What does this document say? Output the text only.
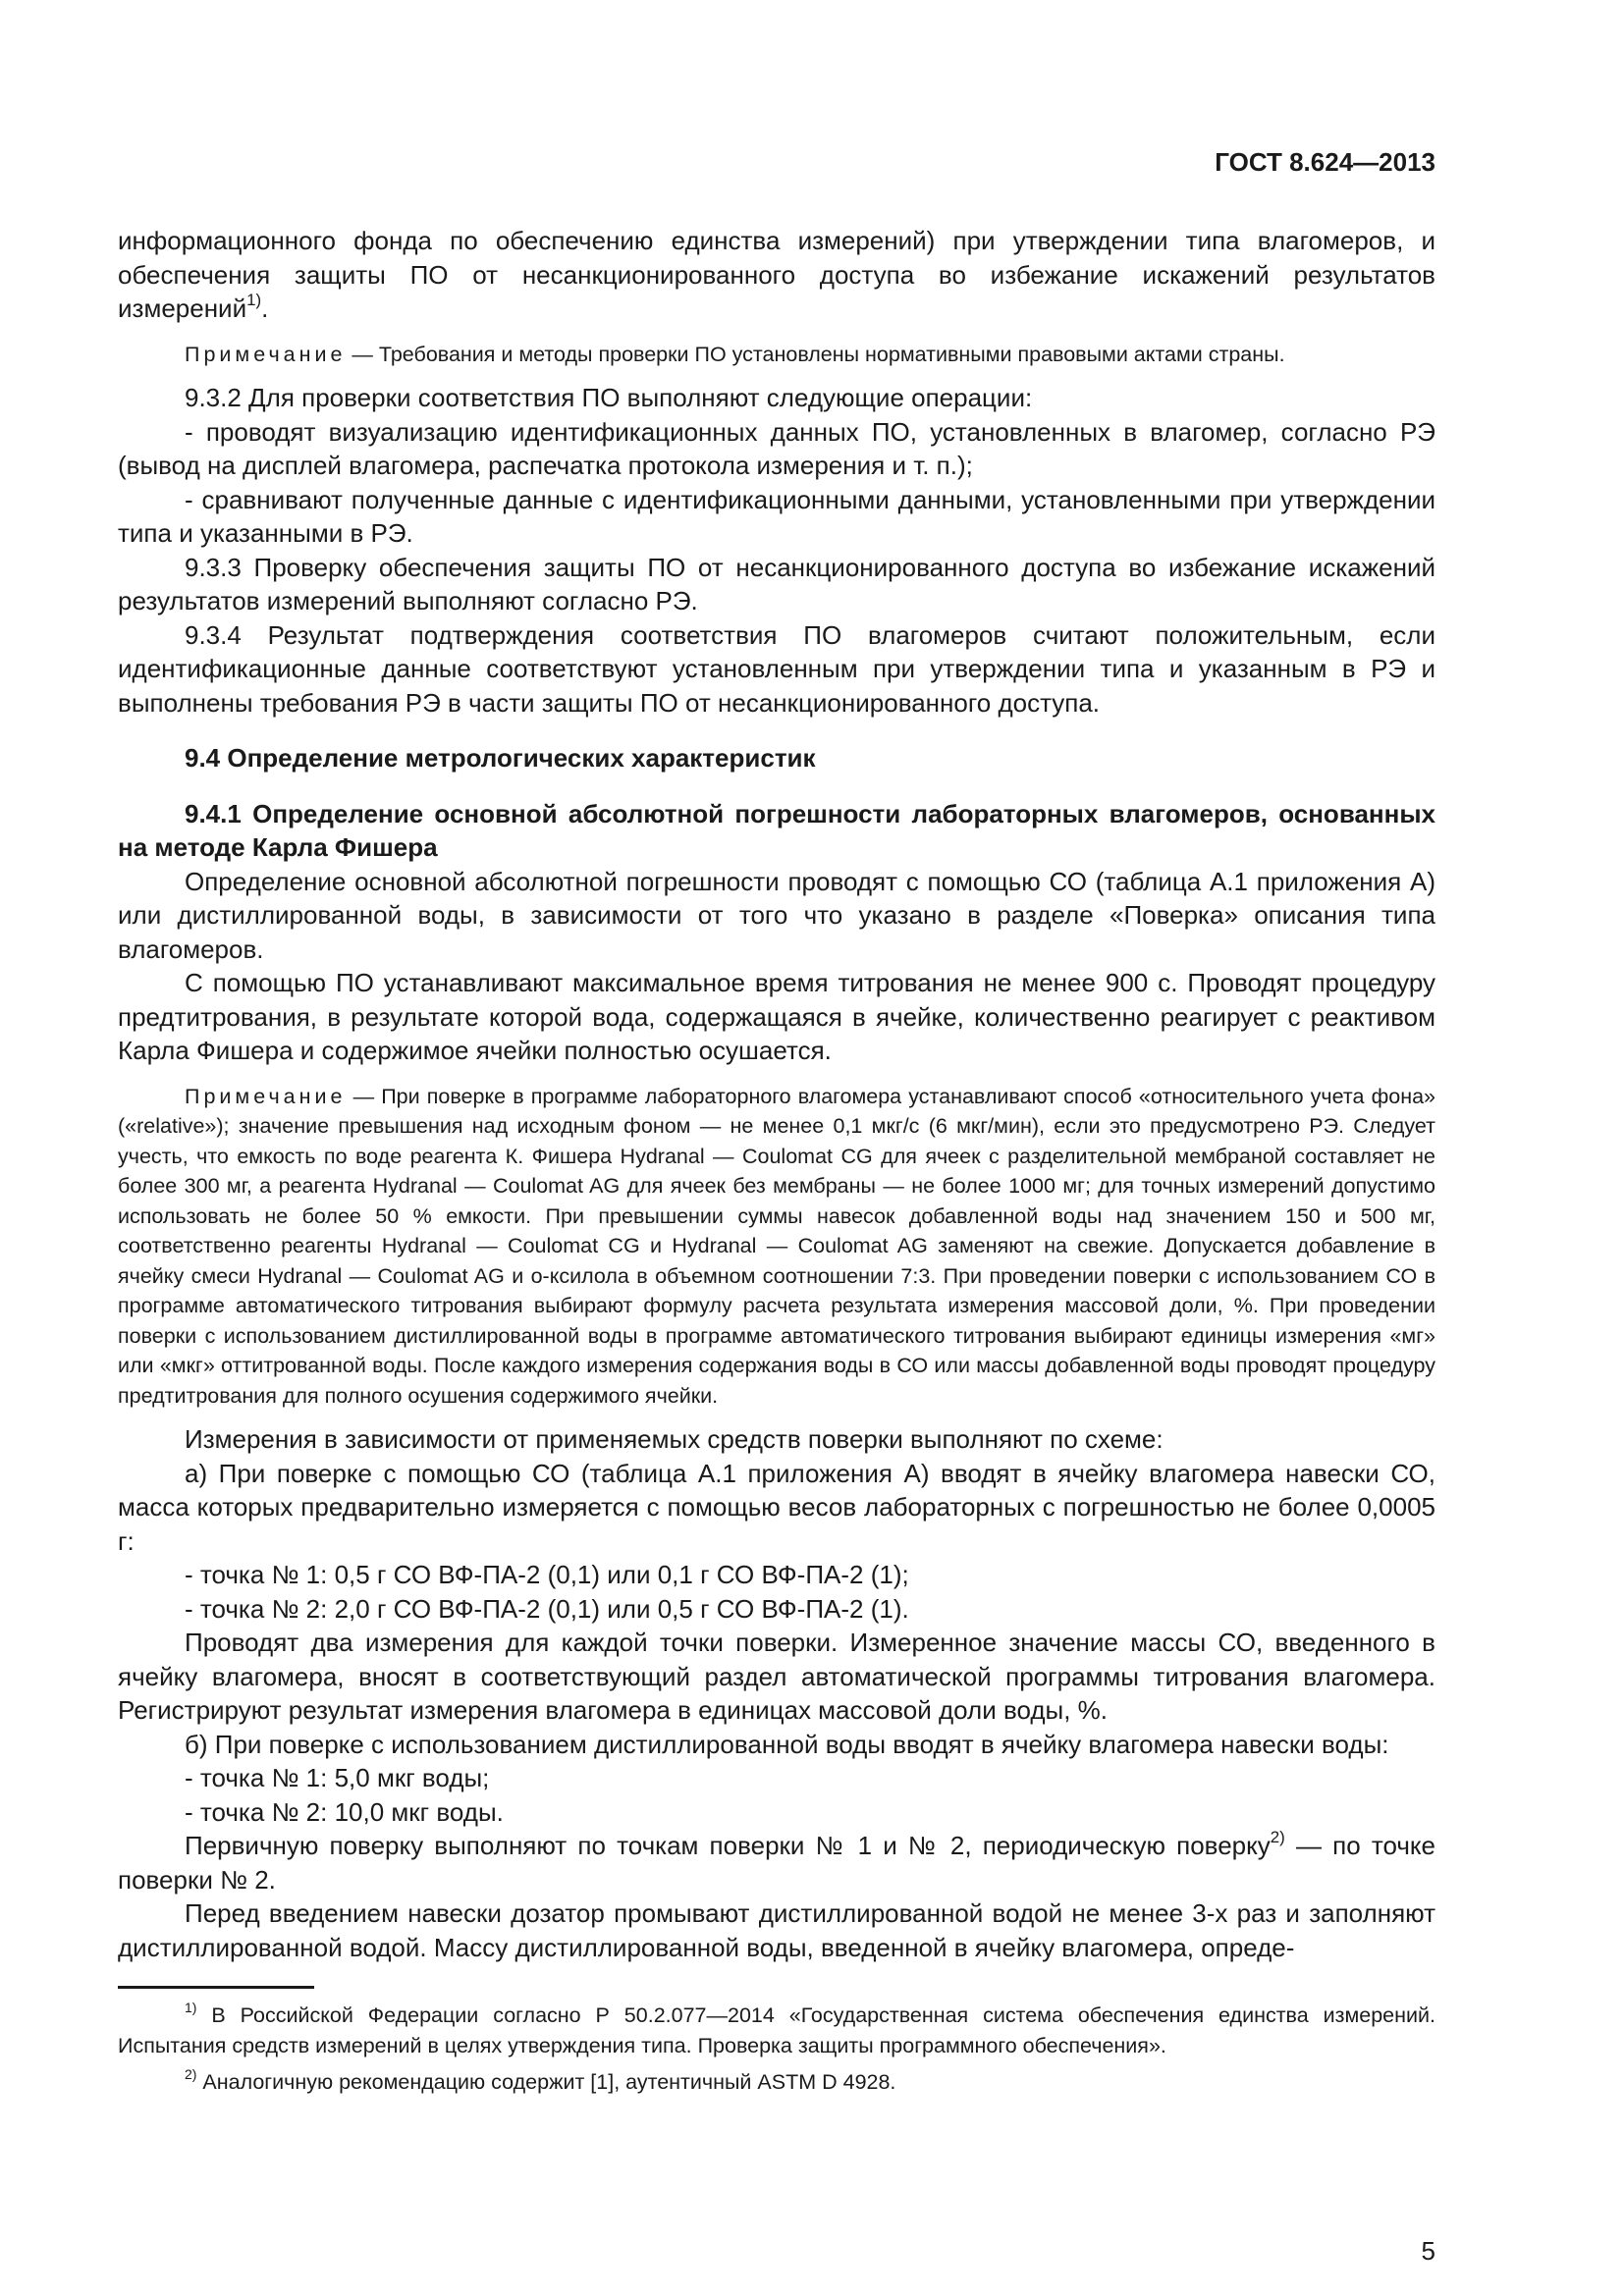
ГОСТ 8.624—2013

информационного фонда по обеспечению единства измерений) при утверждении типа влагомеров, и обеспечения защиты ПО от несанкционированного доступа во избежание искажений результатов измерений$^{1)}$.

Примечание — Требования и методы проверки ПО установлены нормативными правовыми актами страны.

9.3.2 Для проверки соответствия ПО выполняют следующие операции:

- проводят визуализацию идентификационных данных ПО, установленных в влагомер, согласно РЭ (вывод на дисплей влагомера, распечатка протокола измерения и т. п.);

- сравнивают полученные данные с идентификационными данными, установленными при утверждении типа и указанными в РЭ.

9.3.3 Проверку обеспечения защиты ПО от несанкционированного доступа во избежание искажений результатов измерений выполняют согласно РЭ.

9.3.4 Результат подтверждения соответствия ПО влагомеров считают положительным, если идентификационные данные соответствуют установленным при утверждении типа и указанным в РЭ и выполнены требования РЭ в части защиты ПО от несанкционированного доступа.

9.4 Определение метрологических характеристик

9.4.1 Определение основной абсолютной погрешности лабораторных влагомеров, основанных на методе Карла Фишера

Определение основной абсолютной погрешности проводят с помощью СО (таблица А.1 приложения А) или дистиллированной воды, в зависимости от того что указано в разделе «Поверка» описания типа влагомеров.

С помощью ПО устанавливают максимальное время титрования не менее 900 с. Проводят процедуру предтитрования, в результате которой вода, содержащаяся в ячейке, количественно реагирует с реактивом Карла Фишера и содержимое ячейки полностью осушается.

Примечание — При поверке в программе лабораторного влагомера устанавливают способ «относительного учета фона» («relative»); значение превышения над исходным фоном — не менее 0,1 мкг/с (6 мкг/мин), если это предусмотрено РЭ. Следует учесть, что емкость по воде реагента К. Фишера Hydranal — Coulomat CG для ячеек с разделительной мембраной составляет не более 300 мг, а реагента Hydranal — Coulomat AG для ячеек без мембраны — не более 1000 мг; для точных измерений допустимо использовать не более 50 % емкости. При превышении суммы навесок добавленной воды над значением 150 и 500 мг, соответственно реагенты Hydranal — Coulomat CG и Hydranal — Coulomat AG заменяют на свежие. Допускается добавление в ячейку смеси Hydranal — Coulomat AG и о-ксилола в объемном соотношении 7:3. При проведении поверки с использованием СО в программе автоматического титрования выбирают формулу расчета результата измерения массовой доли, %. При проведении поверки с использованием дистиллированной воды в программе автоматического титрования выбирают единицы измерения «мг» или «мкг» оттитрованной воды. После каждого измерения содержания воды в СО или массы добавленной воды проводят процедуру предтитрования для полного осушения содержимого ячейки.

Измерения в зависимости от применяемых средств поверки выполняют по схеме:

а) При поверке с помощью СО (таблица А.1 приложения А) вводят в ячейку влагомера навески СО, масса которых предварительно измеряется с помощью весов лабораторных с погрешностью не более 0,0005 г:

- точка № 1: 0,5 г СО ВФ-ПА-2 (0,1) или 0,1 г СО ВФ-ПА-2 (1);

- точка № 2: 2,0 г СО ВФ-ПА-2 (0,1) или 0,5 г СО ВФ-ПА-2 (1).

Проводят два измерения для каждой точки поверки. Измеренное значение массы СО, введенного в ячейку влагомера, вносят в соответствующий раздел автоматической программы титрования влагомера. Регистрируют результат измерения влагомера в единицах массовой доли воды, %.

б) При поверке с использованием дистиллированной воды вводят в ячейку влагомера навески воды:

- точка № 1: 5,0 мкг воды;

- точка № 2: 10,0 мкг воды.

Первичную поверку выполняют по точкам поверки № 1 и № 2, периодическую поверку$^{2)}$ — по точке поверки № 2.

Перед введением навески дозатор промывают дистиллированной водой не менее 3-х раз и заполняют дистиллированной водой. Массу дистиллированной воды, введенной в ячейку влагомера, опреде-

$^{1)}$ В Российской Федерации согласно Р 50.2.077—2014 «Государственная система обеспечения единства измерений. Испытания средств измерений в целях утверждения типа. Проверка защиты программного обеспечения».

$^{2)}$ Аналогичную рекомендацию содержит [1], аутентичный ASTM D 4928.

5
